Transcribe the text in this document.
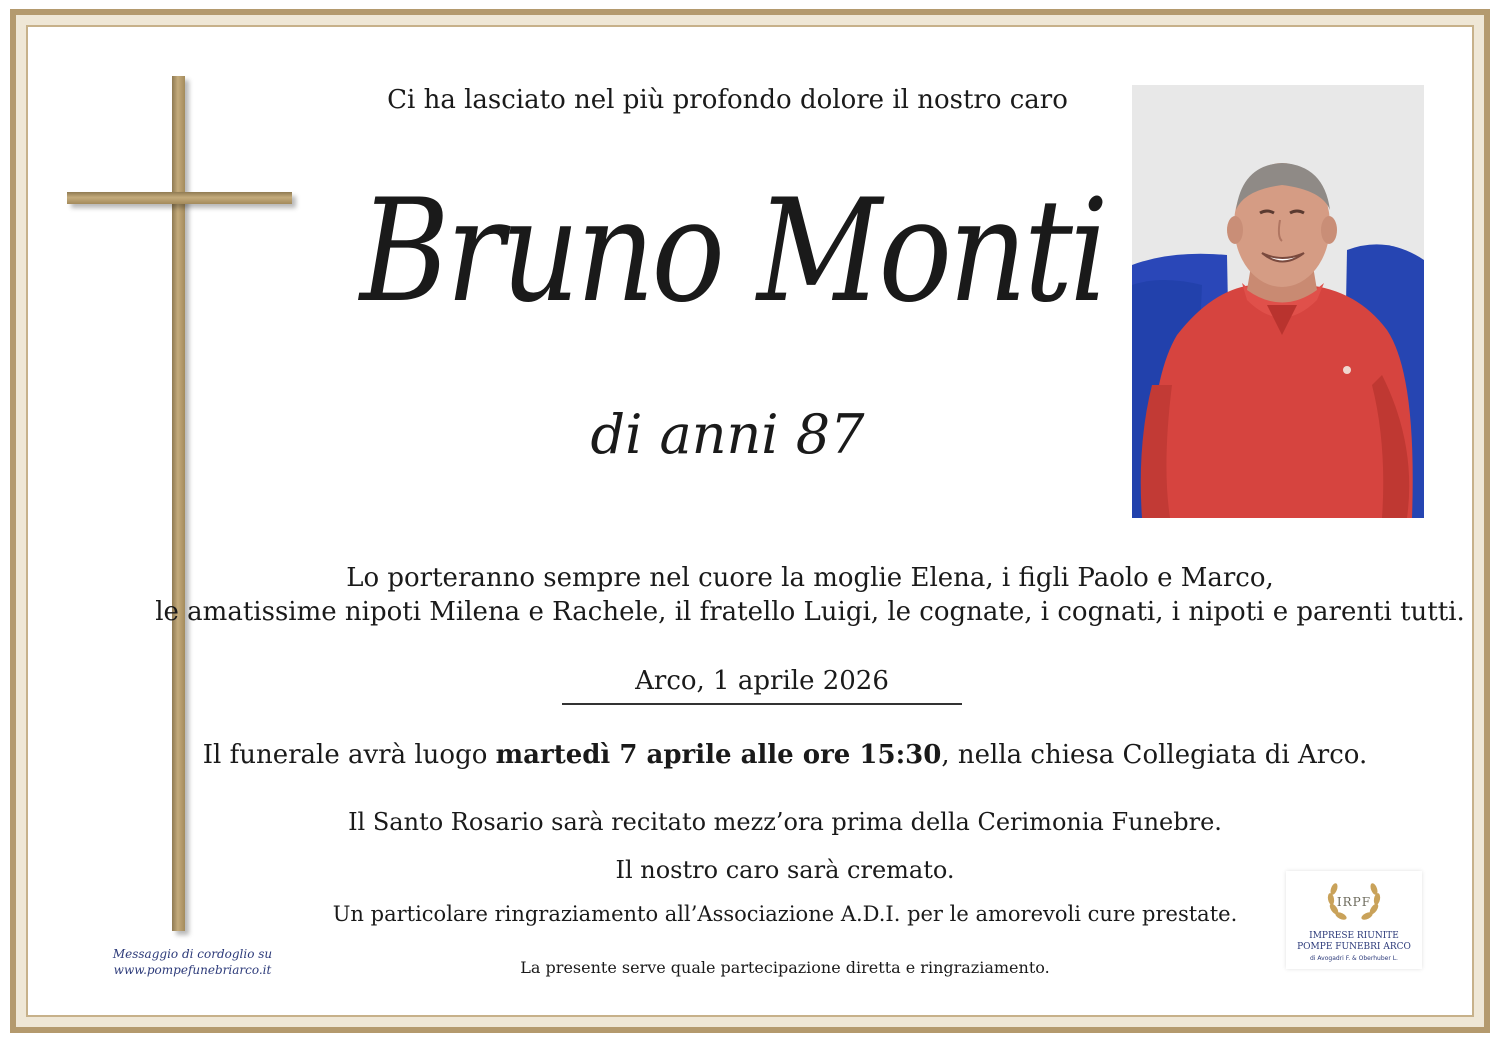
Ci ha lasciato nel più profondo dolore il nostro caro
Bruno Monti
di anni 87
Lo porteranno sempre nel cuore la moglie Elena, i figli Paolo e Marco,
le amatissime nipoti Milena e Rachele, il fratello Luigi, le cognate, i cognati, i nipoti e parenti tutti.
Arco, 1 aprile 2026
Il funerale avrà luogo martedì 7 aprile alle ore 15:30, nella chiesa Collegiata di Arco.
Il Santo Rosario sarà recitato mezz’ora prima della Cerimonia Funebre.
Il nostro caro sarà cremato.
Un particolare ringraziamento all’Associazione A.D.I. per le amorevoli cure prestate.
La presente serve quale partecipazione diretta e ringraziamento.
Messaggio di cordoglio su
www.pompefunebriarco.it
IRPF
IMPRESE RIUNITE
POMPE FUNEBRI ARCO
di Avogadri F. & Oberhuber L.
